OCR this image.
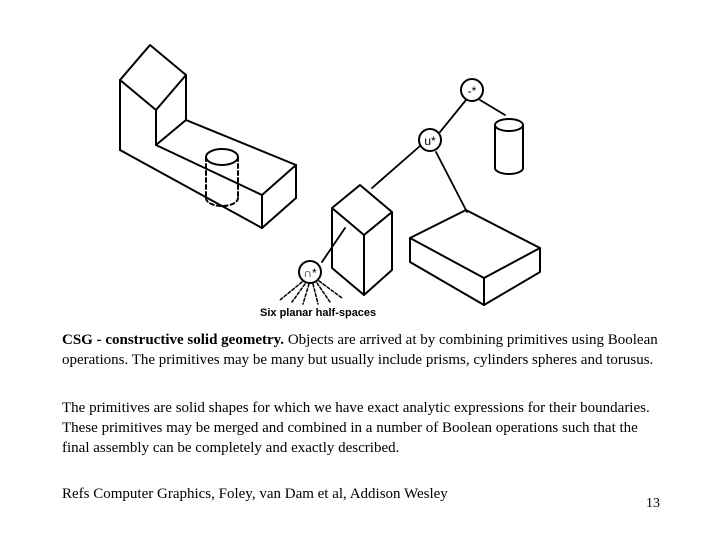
-*
u*
∩*
Six planar half-spaces

CSG - constructive solid geometry. Objects are arrived at by combining primitives using Boolean operations. The primitives may be many but usually include prisms, cylinders spheres and torusus.

The primitives are solid shapes for which we have exact analytic expressions for their boundaries. These primitives may be merged and combined in a number of Boolean operations such that the final assembly can be completely and exactly described.

Refs Computer Graphics, Foley, van Dam et al, Addison Wesley

13
